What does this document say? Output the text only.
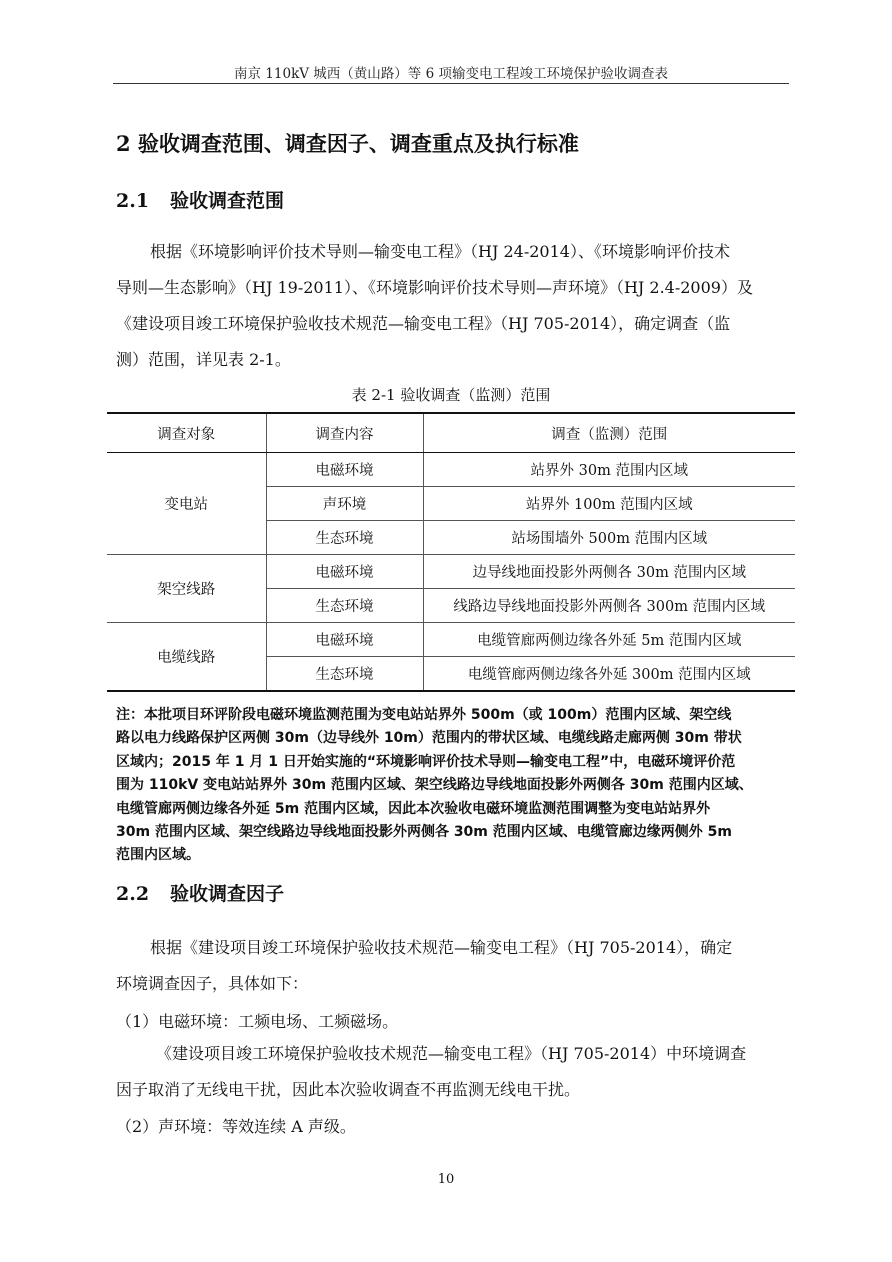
南京 110kV 城西（黄山路）等 6 项输变电工程竣工环境保护验收调查表
2 验收调查范围、调查因子、调查重点及执行标准
2.1 验收调查范围
根据《环境影响评价技术导则—输变电工程》（HJ 24-2014）、《环境影响评价技术
导则—生态影响》（HJ 19-2011）、《环境影响评价技术导则—声环境》（HJ 2.4-2009）及
《建设项目竣工环境保护验收技术规范—输变电工程》（HJ 705-2014），确定调查（监
测）范围，详见表 2-1。
表 2-1 验收调查（监测）范围
调查对象	调查内容	调查（监测）范围
变电站	电磁环境	站界外 30m 范围内区域
	声环境	站界外 100m 范围内区域
	生态环境	站场围墙外 500m 范围内区域
架空线路	电磁环境	边导线地面投影外两侧各 30m 范围内区域
	生态环境	线路边导线地面投影外两侧各 300m 范围内区域
电缆线路	电磁环境	电缆管廊两侧边缘各外延 5m 范围内区域
	生态环境	电缆管廊两侧边缘各外延 300m 范围内区域
注：本批项目环评阶段电磁环境监测范围为变电站站界外 500m（或 100m）范围内区域、架空线
路以电力线路保护区两侧 30m（边导线外 10m）范围内的带状区域、电缆线路走廊两侧 30m 带状
区域内；2015 年 1 月 1 日开始实施的“环境影响评价技术导则—输变电工程”中，电磁环境评价范
围为 110kV 变电站站界外 30m 范围内区域、架空线路边导线地面投影外两侧各 30m 范围内区域、
电缆管廊两侧边缘各外延 5m 范围内区域，因此本次验收电磁环境监测范围调整为变电站站界外
30m 范围内区域、架空线路边导线地面投影外两侧各 30m 范围内区域、电缆管廊边缘两侧外 5m
范围内区域。
2.2 验收调查因子
根据《建设项目竣工环境保护验收技术规范—输变电工程》（HJ 705-2014），确定
环境调查因子，具体如下：
（1）电磁环境：工频电场、工频磁场。
《建设项目竣工环境保护验收技术规范—输变电工程》（HJ 705-2014）中环境调查
因子取消了无线电干扰，因此本次验收调查不再监测无线电干扰。
（2）声环境：等效连续 A 声级。
10
